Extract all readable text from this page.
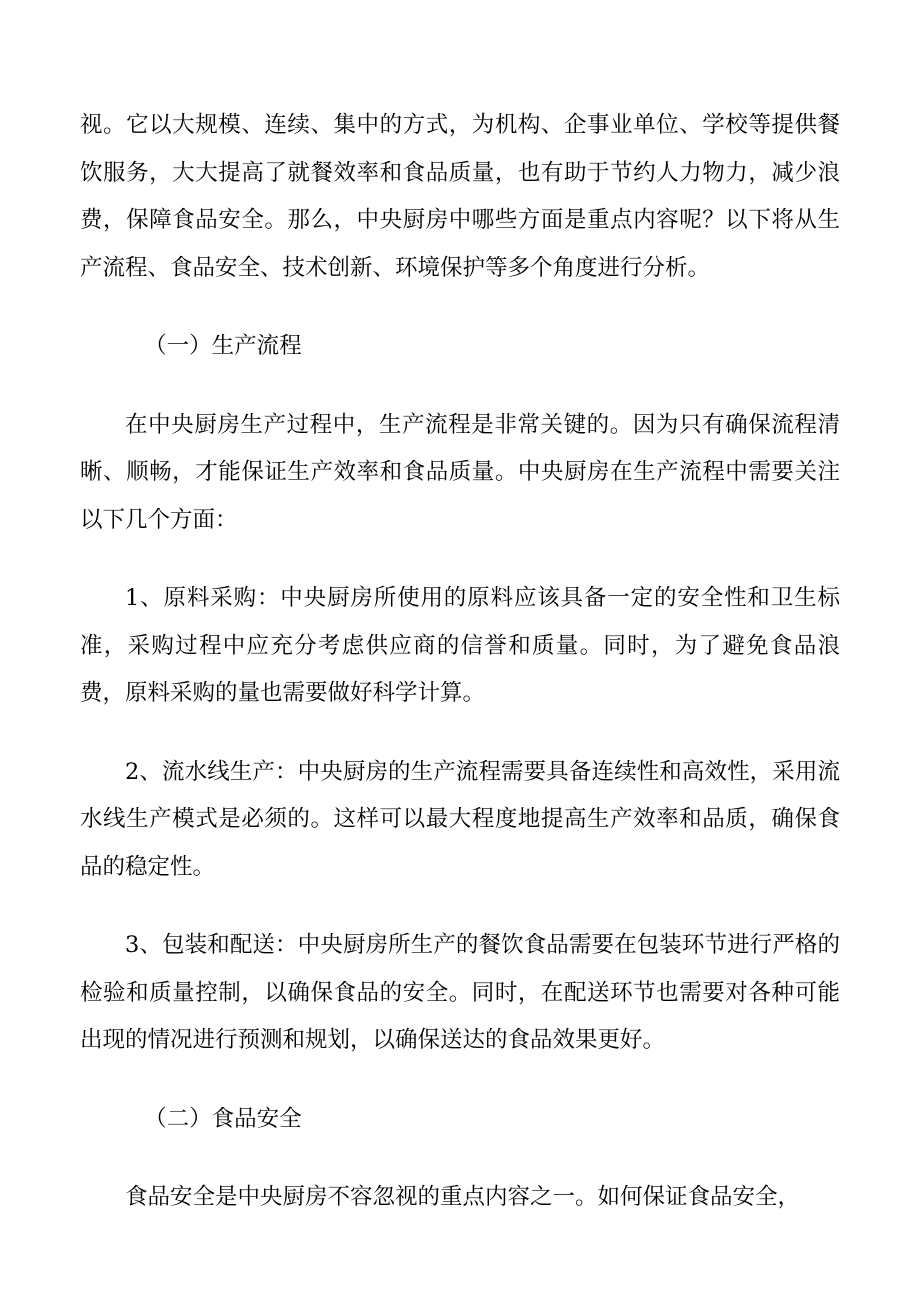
视。它以大规模、连续、集中的方式，为机构、企事业单位、学校等提供餐饮服务，大大提高了就餐效率和食品质量，也有助于节约人力物力，减少浪费，保障食品安全。那么，中央厨房中哪些方面是重点内容呢？以下将从生产流程、食品安全、技术创新、环境保护等多个角度进行分析。

（一）生产流程

在中央厨房生产过程中，生产流程是非常关键的。因为只有确保流程清晰、顺畅，才能保证生产效率和食品质量。中央厨房在生产流程中需要关注以下几个方面：

1、原料采购：中央厨房所使用的原料应该具备一定的安全性和卫生标准，采购过程中应充分考虑供应商的信誉和质量。同时，为了避免食品浪费，原料采购的量也需要做好科学计算。

2、流水线生产：中央厨房的生产流程需要具备连续性和高效性，采用流水线生产模式是必须的。这样可以最大程度地提高生产效率和品质，确保食品的稳定性。

3、包装和配送：中央厨房所生产的餐饮食品需要在包装环节进行严格的检验和质量控制，以确保食品的安全。同时，在配送环节也需要对各种可能出现的情况进行预测和规划，以确保送达的食品效果更好。

（二）食品安全

食品安全是中央厨房不容忽视的重点内容之一。如何保证食品安全，
